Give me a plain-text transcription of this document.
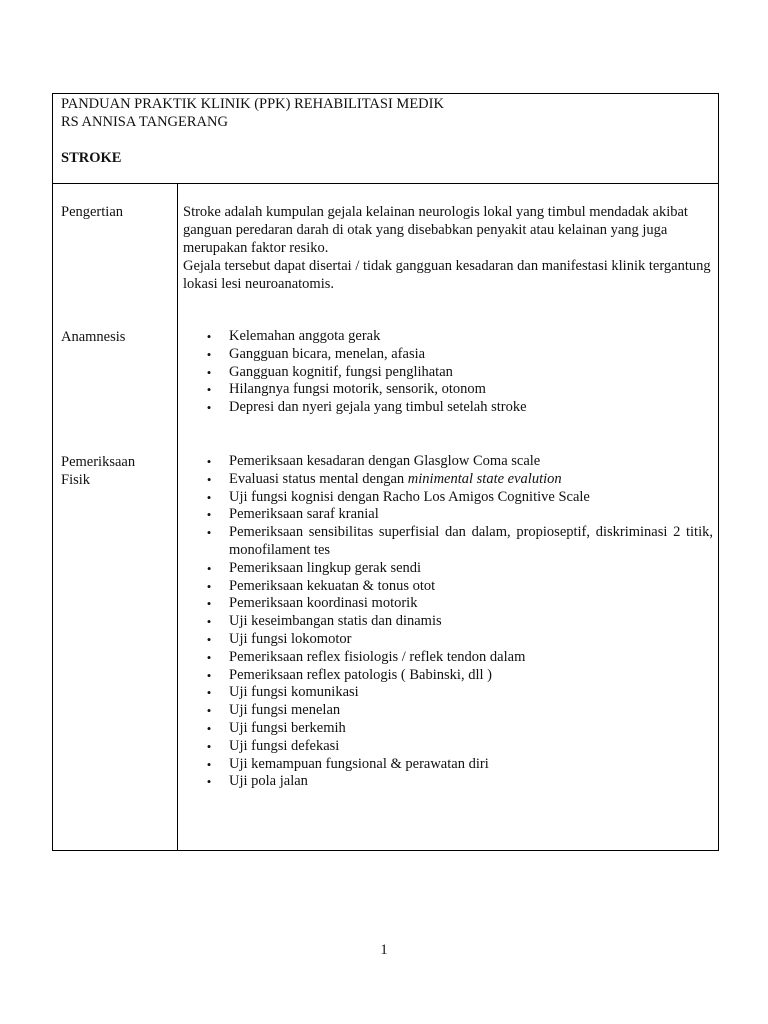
PANDUAN PRAKTIK KLINIK (PPK) REHABILITASI MEDIK
RS ANNISA TANGERANG
STROKE
Pengertian	Stroke adalah kumpulan gejala kelainan neurologis lokal yang timbul mendadak akibat ganguan peredaran darah di otak yang disebabkan penyakit atau kelainan yang juga merupakan faktor resiko.

Gejala tersebut dapat disertai / tidak gangguan kesadaran dan manifestasi klinik tergantung lokasi lesi neuroanatomis.

Anamnesis	• Kelemahan anggota gerak
• Gangguan bicara, menelan, afasia
• Gangguan kognitif, fungsi penglihatan
• Hilangnya fungsi motorik, sensorik, otonom
• Depresi dan nyeri gejala yang timbul setelah stroke
Pemeriksaan
Fisik
• Pemeriksaan kesadaran dengan Glasglow Coma scale
• Evaluasi status mental dengan minimental state evalution
• Uji fungsi kognisi dengan Racho Los Amigos Cognitive Scale
• Pemeriksaan saraf kranial
• Pemeriksaan sensibilitas superfisial dan dalam, propioseptif, diskriminasi 2 titik, monofilament tes
• Pemeriksaan lingkup gerak sendi
• Pemeriksaan kekuatan & tonus otot
• Pemeriksaan koordinasi motorik
• Uji keseimbangan statis dan dinamis
• Uji fungsi lokomotor
• Pemeriksaan reflex fisiologis / reflek tendon dalam
• Pemeriksaan reflex patologis ( Babinski, dll )
• Uji fungsi komunikasi
• Uji fungsi menelan
• Uji fungsi berkemih
• Uji fungsi defekasi
• Uji kemampuan fungsional & perawatan diri
• Uji pola jalan
1
